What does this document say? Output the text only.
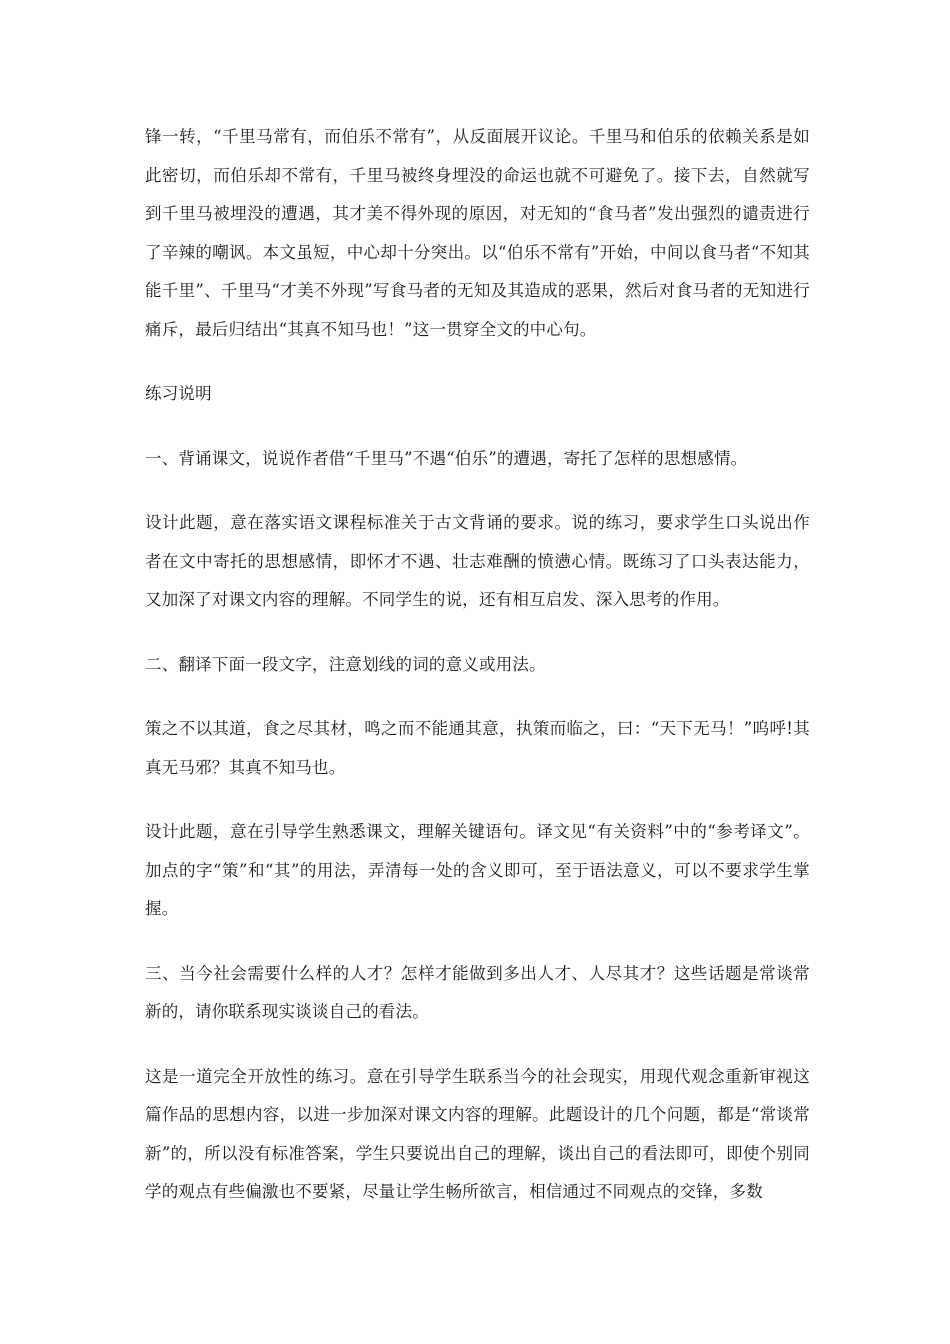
锋一转，“千里马常有，而伯乐不常有”，从反面展开议论。千里马和伯乐的依赖关系是如此密切，而伯乐却不常有，千里马被终身埋没的命运也就不可避免了。接下去，自然就写到千里马被埋没的遭遇，其才美不得外现的原因，对无知的“食马者”发出强烈的谴责进行了辛辣的嘲讽。本文虽短，中心却十分突出。以“伯乐不常有”开始，中间以食马者“不知其能千里”、千里马“才美不外现”写食马者的无知及其造成的恶果，然后对食马者的无知进行痛斥，最后归结出“其真不知马也！”这一贯穿全文的中心句。

练习说明

一、背诵课文，说说作者借“千里马”不遇“伯乐”的遭遇，寄托了怎样的思想感情。

设计此题，意在落实语文课程标准关于古文背诵的要求。说的练习，要求学生口头说出作者在文中寄托的思想感情，即怀才不遇、壮志难酬的愤懑心情。既练习了口头表达能力，又加深了对课文内容的理解。不同学生的说，还有相互启发、深入思考的作用。

二、翻译下面一段文字，注意划线的词的意义或用法。

策之不以其道，食之尽其材，鸣之而不能通其意，执策而临之，曰：“天下无马！”呜呼!其真无马邪？其真不知马也。

设计此题，意在引导学生熟悉课文，理解关键语句。译文见“有关资料”中的“参考译文”。加点的字“策”和“其”的用法，弄清每一处的含义即可，至于语法意义，可以不要求学生掌握。

三、当今社会需要什么样的人才？怎样才能做到多出人才、人尽其才？这些话题是常谈常新的，请你联系现实谈谈自己的看法。

这是一道完全开放性的练习。意在引导学生联系当今的社会现实，用现代观念重新审视这篇作品的思想内容，以进一步加深对课文内容的理解。此题设计的几个问题，都是“常谈常新”的，所以没有标准答案，学生只要说出自己的理解，谈出自己的看法即可，即使个别同学的观点有些偏激也不要紧，尽量让学生畅所欲言，相信通过不同观点的交锋，多数
